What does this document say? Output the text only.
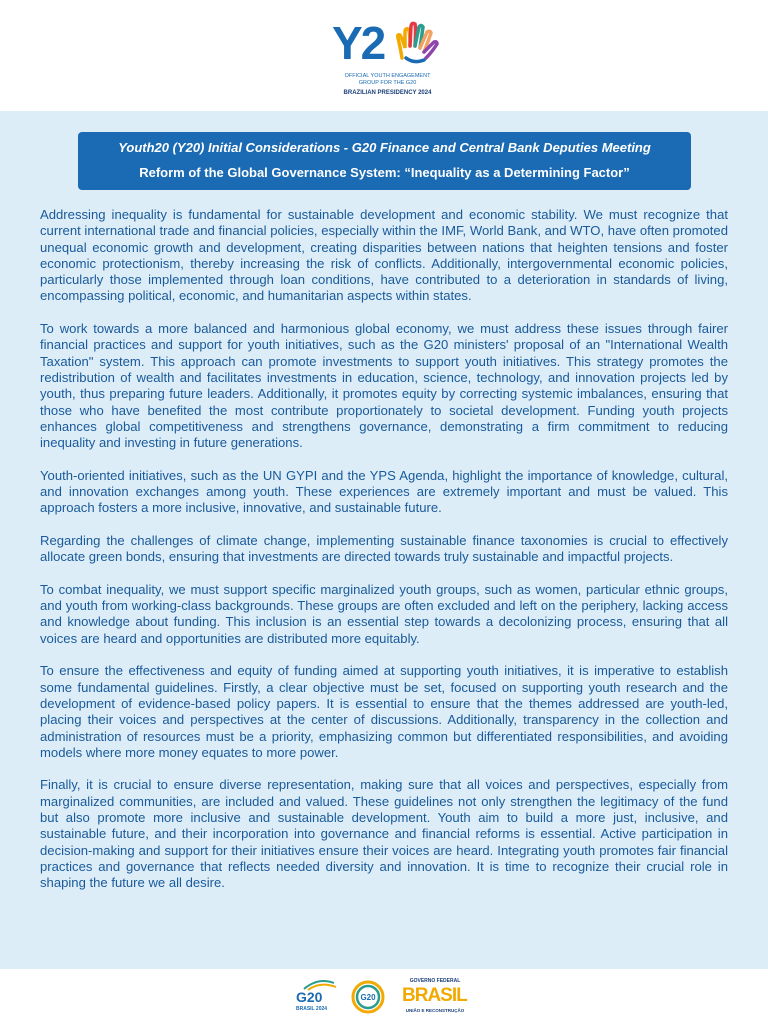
Y2
OFFICIAL YOUTH ENGAGEMENT
GROUP FOR THE G20
BRAZILIAN PRESIDENCY 2024
Youth20 (Y20) Initial Considerations - G20 Finance and Central Bank Deputies Meeting
Reform of the Global Governance System: “Inequality as a Determining Factor”

Addressing inequality is fundamental for sustainable development and economic stability. We must recognize that current international trade and financial policies, especially within the IMF, World Bank, and WTO, have often promoted unequal economic growth and development, creating disparities between nations that heighten tensions and foster economic protectionism, thereby increasing the risk of conflicts. Additionally, intergovernmental economic policies, particularly those implemented through loan conditions, have contributed to a deterioration in standards of living, encompassing political, economic, and humanitarian aspects within states.

To work towards a more balanced and harmonious global economy, we must address these issues through fairer financial practices and support for youth initiatives, such as the G20 ministers' proposal of an "International Wealth Taxation" system. This approach can promote investments to support youth initiatives. This strategy promotes the redistribution of wealth and facilitates investments in education, science, technology, and innovation projects led by youth, thus preparing future leaders. Additionally, it promotes equity by correcting systemic imbalances, ensuring that those who have benefited the most contribute proportionately to societal development. Funding youth projects enhances global competitiveness and strengthens governance, demonstrating a firm commitment to reducing inequality and investing in future generations.

Youth-oriented initiatives, such as the UN GYPI and the YPS Agenda, highlight the importance of knowledge, cultural, and innovation exchanges among youth. These experiences are extremely important and must be valued. This approach fosters a more inclusive, innovative, and sustainable future.

Regarding the challenges of climate change, implementing sustainable finance taxonomies is crucial to effectively allocate green bonds, ensuring that investments are directed towards truly sustainable and impactful projects.

To combat inequality, we must support specific marginalized youth groups, such as women, particular ethnic groups, and youth from working-class backgrounds. These groups are often excluded and left on the periphery, lacking access and knowledge about funding. This inclusion is an essential step towards a decolonizing process, ensuring that all voices are heard and opportunities are distributed more equitably.

To ensure the effectiveness and equity of funding aimed at supporting youth initiatives, it is imperative to establish some fundamental guidelines. Firstly, a clear objective must be set, focused on supporting youth research and the development of evidence-based policy papers. It is essential to ensure that the themes addressed are youth-led, placing their voices and perspectives at the center of discussions. Additionally, transparency in the collection and administration of resources must be a priority, emphasizing common but differentiated responsibilities, and avoiding models where more money equates to more power.

Finally, it is crucial to ensure diverse representation, making sure that all voices and perspectives, especially from marginalized communities, are included and valued. These guidelines not only strengthen the legitimacy of the fund but also promote more inclusive and sustainable development. Youth aim to build a more just, inclusive, and sustainable future, and their incorporation into governance and financial reforms is essential. Active participation in decision-making and support for their initiatives ensure their voices are heard. Integrating youth promotes fair financial practices and governance that reflects needed diversity and innovation. It is time to recognize their crucial role in shaping the future we all desire.

G20
BRASIL 2024
G20
GOVERNO FEDERAL
BRASIL
UNIÃO E RECONSTRUÇÃO
